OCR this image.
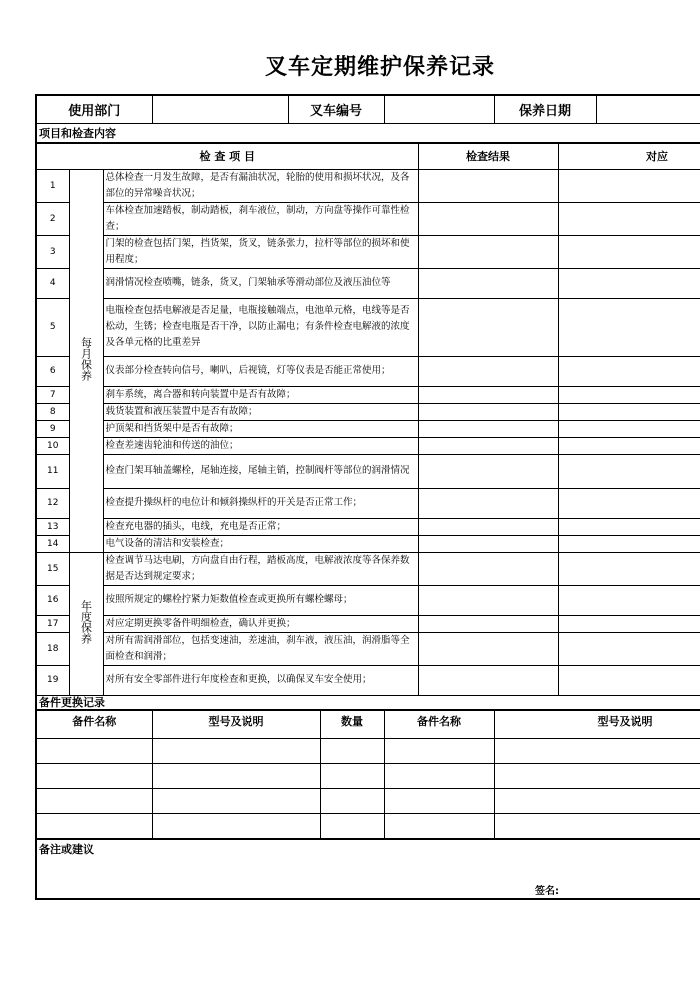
叉车定期维护保养记录
使用部门		叉车编号		保养日期	
项目和检查内容
检 查 项 目			检查结果	对应
1	每月保养	总体检查一月发生故障，是否有漏油状况，轮胎的使用和损坏状况，及各部位的异常噪音状况；		
2		车体检查加速踏板，制动踏板，刹车液位，制动，方向盘等操作可靠性检查；		
3		门架的检查包括门架，挡货架，货叉，链条张力，拉杆等部位的损坏和使用程度；		
4		润滑情况检查喷嘴，链条，货叉，门架轴承等滑动部位及液压油位等		
5		电瓶检查包括电解液是否足量，电瓶接触端点，电池单元格，电线等是否松动，生锈；检查电瓶是否干净，以防止漏电；有条件检查电解液的浓度及各单元格的比重差异		
6		仪表部分检查转向信号，喇叭，后视镜，灯等仪表是否能正常使用；		
7		刹车系统，离合器和转向装置中是否有故障；		
8		载货装置和液压装置中是否有故障；		
9		护顶架和挡货架中是否有故障；		
10		检查差速齿轮油和传送的油位；		
11		检查门架耳轴盖螺栓，尾轴连接，尾轴主销，控制阀杆等部位的润滑情况		
12		检查提升操纵杆的电位计和倾斜操纵杆的开关是否正常工作；		
13		检查充电器的插头，电线，充电是否正常；		
14		电气设备的清洁和安装检查；		
15	年度保养	检查调节马达电刷，方向盘自由行程，踏板高度，电解液浓度等各保养数据是否达到规定要求；		
16		按照所规定的螺栓拧紧力矩数值检查或更换所有螺栓螺母；		
17		对应定期更换零备件明细检查，确认并更换；		
18		对所有需润滑部位，包括变速油，差速油，刹车液，液压油，润滑脂等全面检查和润滑；		
19		对所有安全零部件进行年度检查和更换，以确保叉车安全使用；		
备件更换记录
备件名称	型号及说明	数量	备件名称	型号及说明

备注或建议
签名:
